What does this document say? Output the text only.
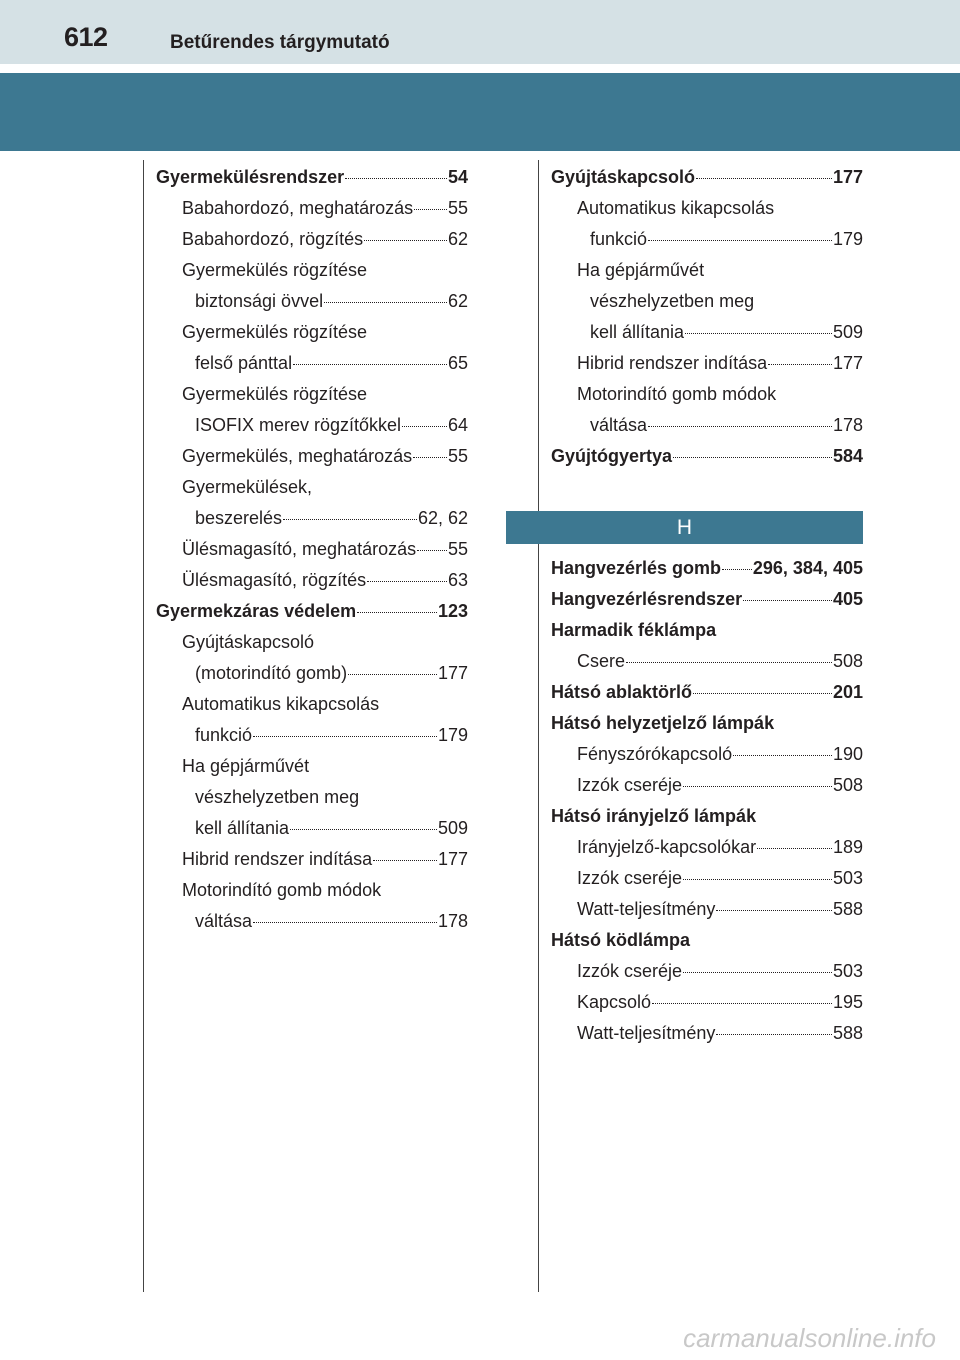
612	Betűrendes tárgymutató
Gyermekülésrendszer	54
Babahordozó, meghatározás 55
Babahordozó, rögzítés	62
Gyermekülés rögzítése
biztonsági övvel	62
Gyermekülés rögzítése
felső pánttal	65
Gyermekülés rögzítése
ISOFIX merev rögzítőkkel	64
Gyermekülés, meghatározás 55
Gyermekülések,
beszerelés	62, 62
Ülésmagasító, meghatározás 55
Ülésmagasító, rögzítés	63
Gyermekzáras védelem	123
Gyújtáskapcsoló
(motorindító gomb)	177
Automatikus kikapcsolás
funkció	179
Ha gépjárművét
vészhelyzetben meg
kell állítania	509
Hibrid rendszer indítása	177
Motorindító gomb módok
váltása	178
Gyújtáskapcsoló	177
Automatikus kikapcsolás
funkció	179
Ha gépjárművét
vészhelyzetben meg
kell állítania	509
Hibrid rendszer indítása	177
Motorindító gomb módok
váltása	178
Gyújtógyertya	584
H
Hangvezérlés gomb 296, 384, 405
Hangvezérlésrendszer	405
Harmadik féklámpa
Csere	508
Hátsó ablaktörlő	201
Hátsó helyzetjelző lámpák
Fényszórókapcsoló	190
Izzók cseréje	508
Hátsó irányjelző lámpák
Irányjelző-kapcsolókar	189
Izzók cseréje	503
Watt-teljesítmény	588
Hátsó ködlámpa
Izzók cseréje	503
Kapcsoló	195
Watt-teljesítmény	588
carmanualsonline.info
